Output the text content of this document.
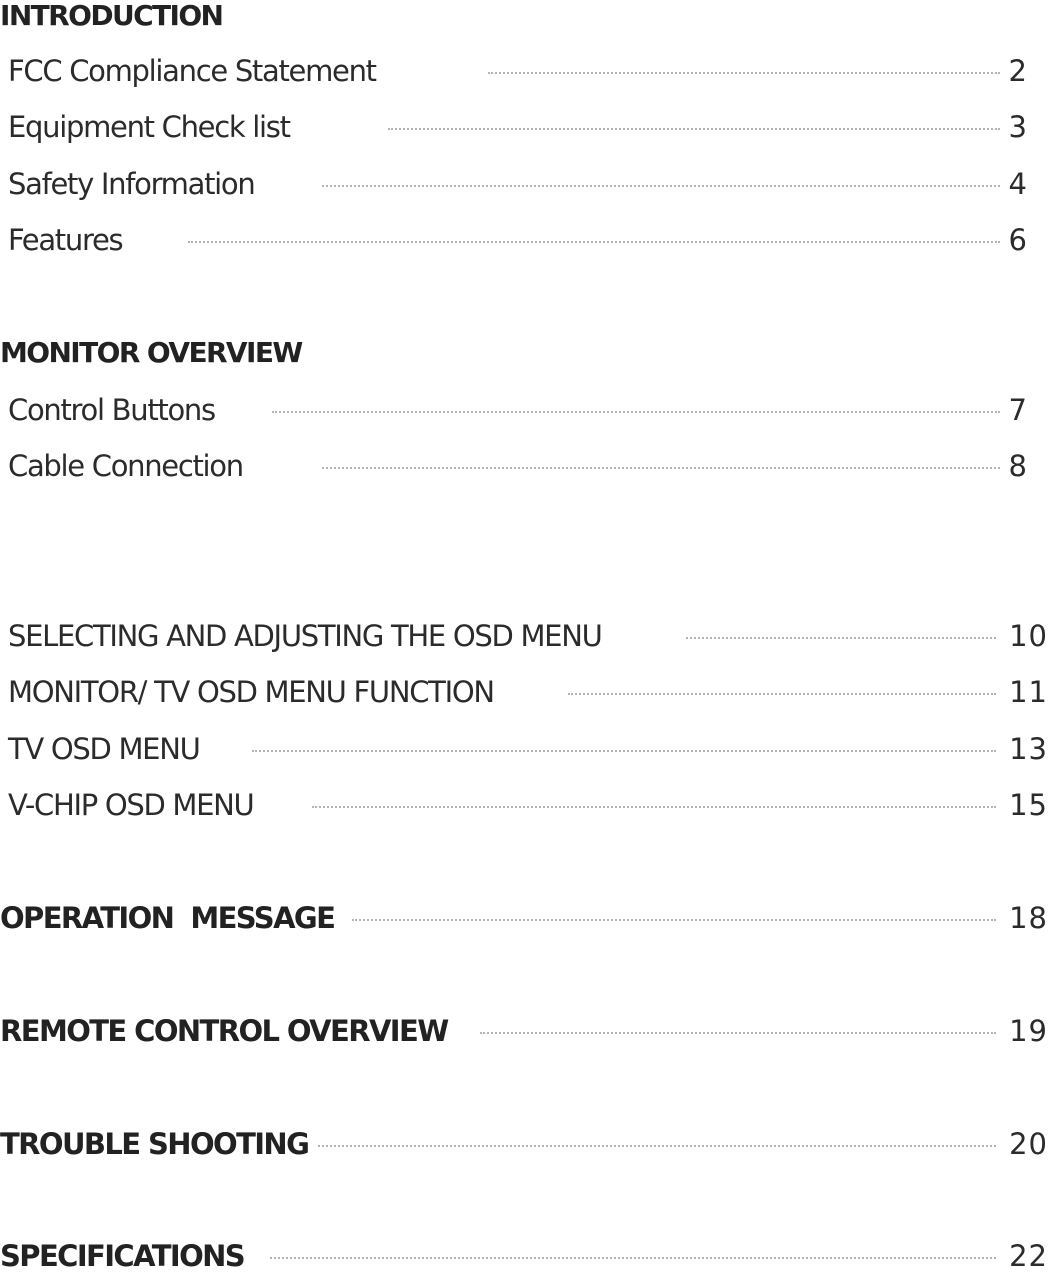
INTRODUCTION
FCC Compliance Statement	2
Equipment Check list	3
Safety Information	4
Features	6
MONITOR OVERVIEW
Control Buttons	7
Cable Connection	8
SELECTING AND ADJUSTING THE OSD MENU	10
MONITOR/ TV OSD MENU FUNCTION	11
TV OSD MENU	13
V-CHIP OSD MENU	15
OPERATION  MESSAGE	18
REMOTE CONTROL OVERVIEW	19
TROUBLE SHOOTING	20
SPECIFICATIONS	22
